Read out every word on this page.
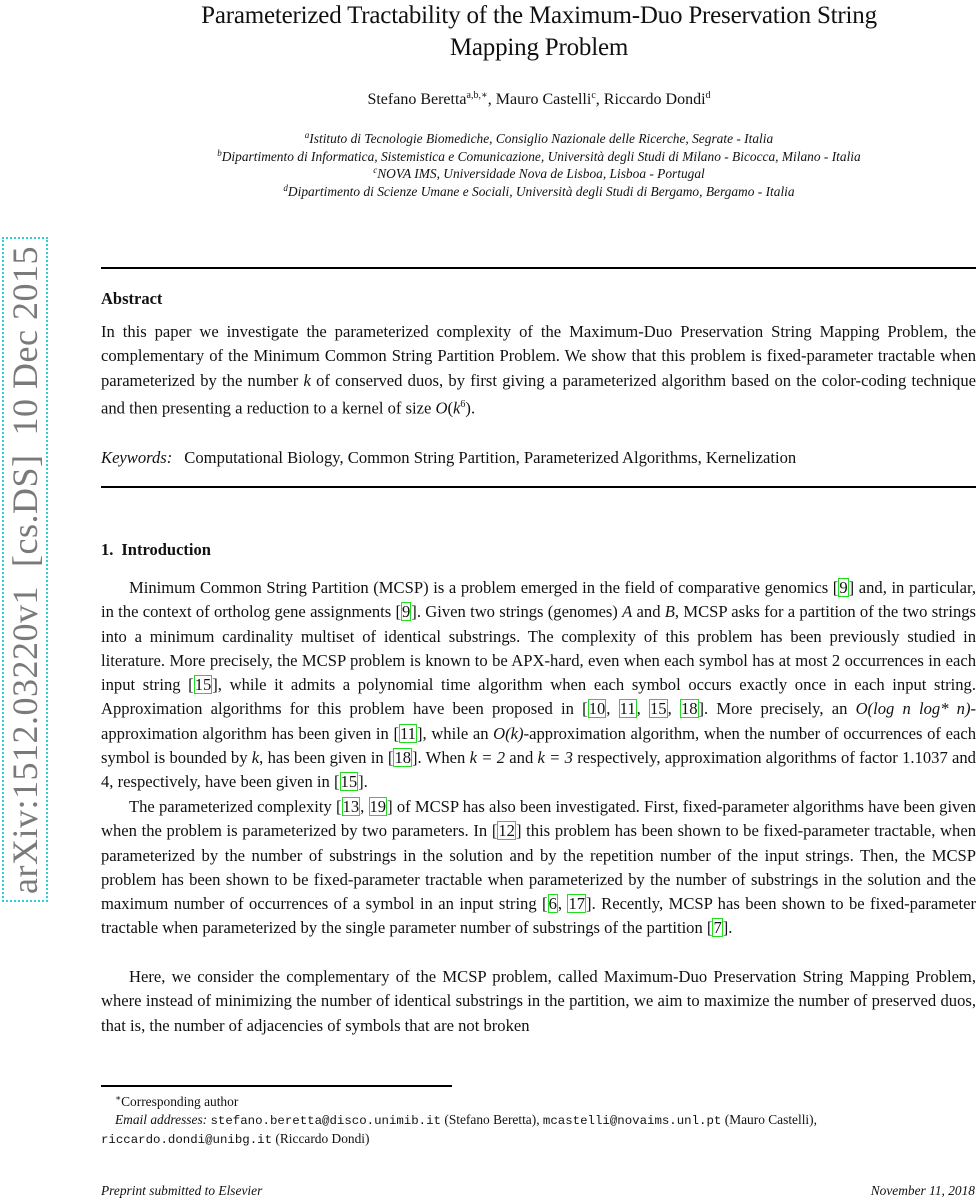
arXiv:1512.03220v1  [cs.DS]  10 Dec 2015
Parameterized Tractability of the Maximum-Duo Preservation String
Mapping Problem
Stefano Beretta$^{a,b,∗}$, Mauro Castelli$^c$, Riccardo Dondi$^d$
$^a$Istituto di Tecnologie Biomediche, Consiglio Nazionale delle Ricerche, Segrate - Italia
$^b$Dipartimento di Informatica, Sistemistica e Comunicazione, Università degli Studi di Milano - Bicocca, Milano - Italia
$^c$NOVA IMS, Universidade Nova de Lisboa, Lisboa - Portugal
$^d$Dipartimento di Scienze Umane e Sociali, Università degli Studi di Bergamo, Bergamo - Italia
Abstract
In this paper we investigate the parameterized complexity of the Maximum-Duo Preservation String Mapping Problem, the complementary of the Minimum Common String Partition Problem. We show that this problem is fixed-parameter tractable when parameterized by the number k of conserved duos, by first giving a parameterized algorithm based on the color-coding technique and then presenting a reduction to a kernel of size $O(k^6)$.
Keywords: Computational Biology, Common String Partition, Parameterized Algorithms, Kernelization
1. Introduction
Minimum Common String Partition (MCSP) is a problem emerged in the field of comparative genomics [9] and, in particular, in the context of ortholog gene assignments [9]. Given two strings (genomes) A and B, MCSP asks for a partition of the two strings into a minimum cardinality multiset of identical substrings. The complexity of this problem has been previously studied in literature. More precisely, the MCSP problem is known to be APX-hard, even when each symbol has at most 2 occurrences in each input string [15], while it admits a polynomial time algorithm when each symbol occurs exactly once in each input string. Approximation algorithms for this problem have been proposed in [10, 11, 15, 18]. More precisely, an O(log n log* n)-approximation algorithm has been given in [11], while an O(k)-approximation algorithm, when the number of occurrences of each symbol is bounded by k, has been given in [18]. When k = 2 and k = 3 respectively, approximation algorithms of factor 1.1037 and 4, respectively, have been given in [15].
The parameterized complexity [13, 19] of MCSP has also been investigated. First, fixed-parameter algorithms have been given when the problem is parameterized by two parameters. In [12] this problem has been shown to be fixed-parameter tractable, when parameterized by the number of substrings in the solution and by the repetition number of the input strings. Then, the MCSP problem has been shown to be fixed-parameter tractable when parameterized by the number of substrings in the solution and the maximum number of occurrences of a symbol in an input string [6, 17]. Recently, MCSP has been shown to be fixed-parameter tractable when parameterized by the single parameter number of substrings of the partition [7].
Here, we consider the complementary of the MCSP problem, called Maximum-Duo Preservation String Mapping Problem, where instead of minimizing the number of identical substrings in the partition, we aim to maximize the number of preserved duos, that is, the number of adjacencies of symbols that are not broken
∗Corresponding author
Email addresses: stefano.beretta@disco.unimib.it (Stefano Beretta), mcastelli@novaims.unl.pt (Mauro Castelli), riccardo.dondi@unibg.it (Riccardo Dondi)
Preprint submitted to Elsevier	November 11, 2018
